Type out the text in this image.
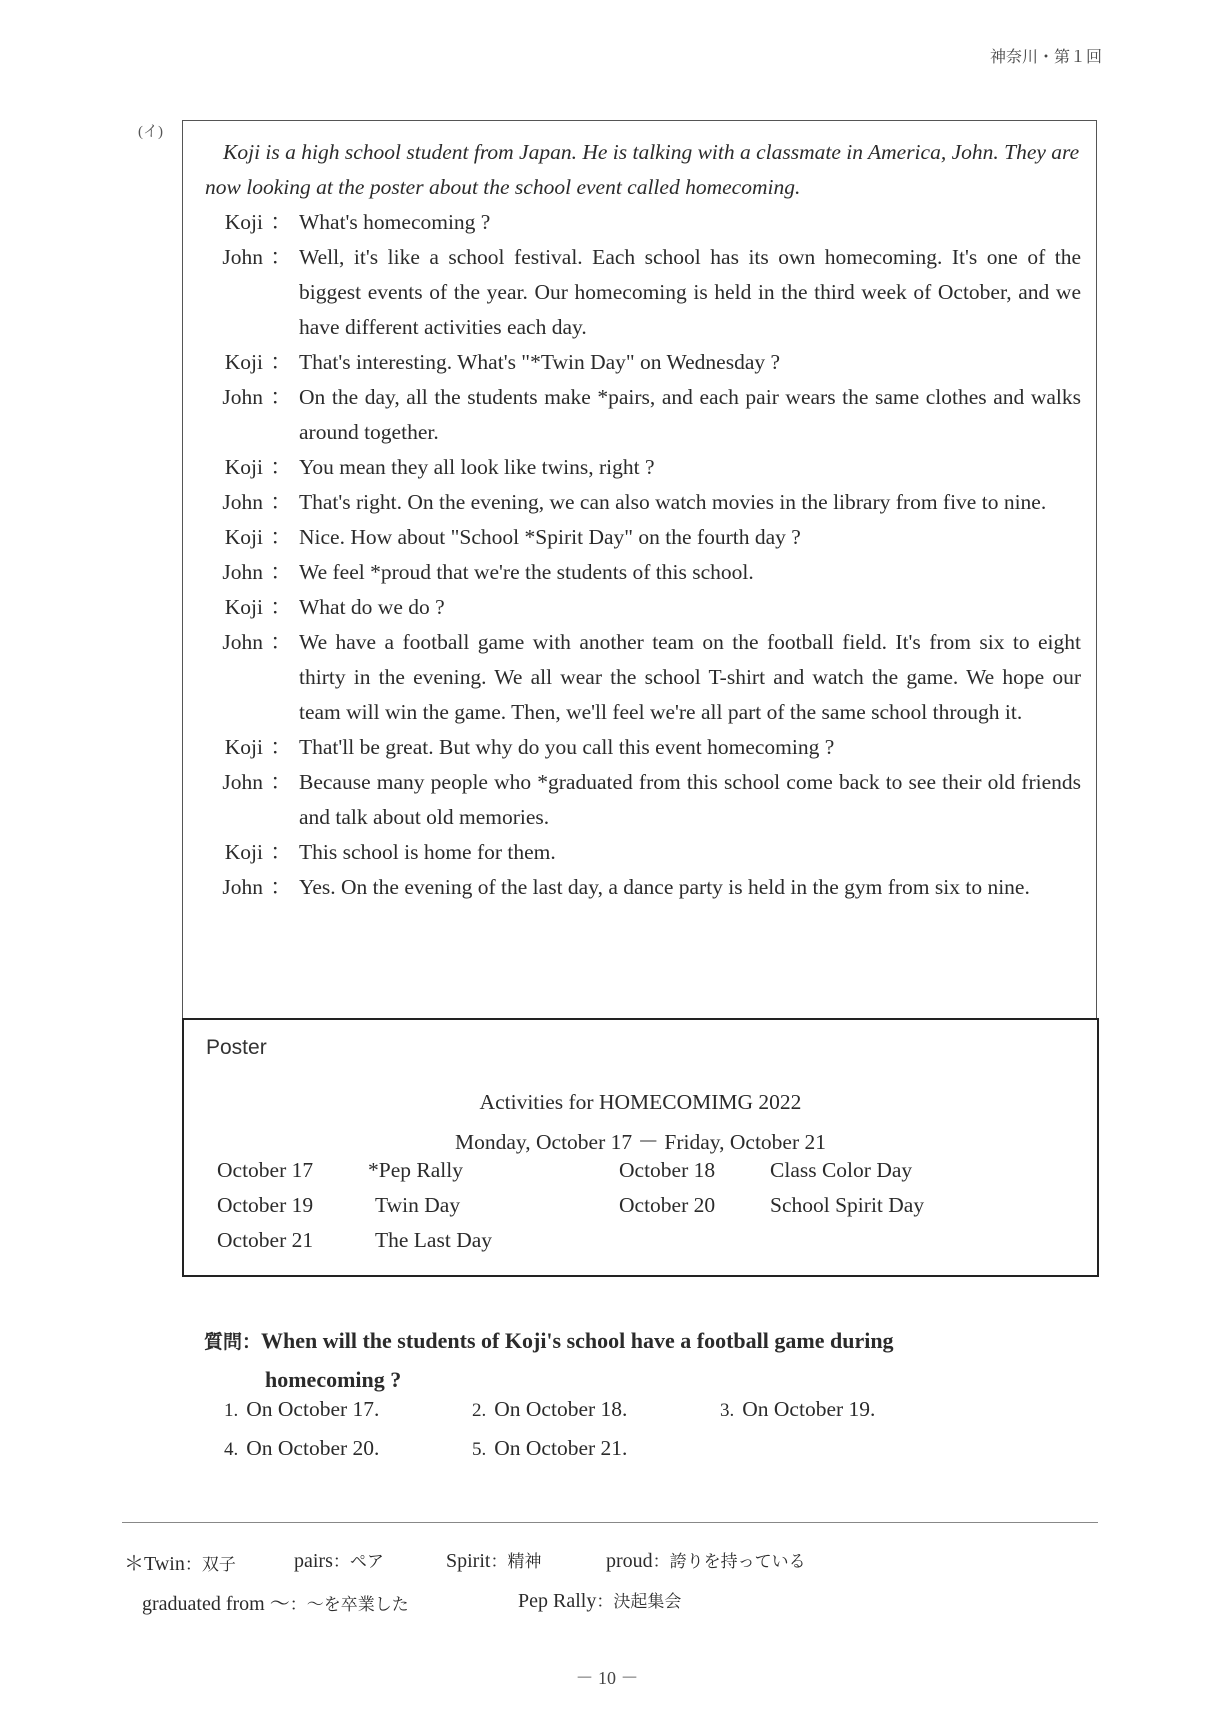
神奈川・第１回
(イ)

Koji is a high school student from Japan. He is talking with a classmate in America, John. They are now looking at the poster about the school event called homecoming.

Koji ： What's homecoming ?
John ： Well, it's like a school festival. Each school has its own homecoming. It's one of the biggest events of the year. Our homecoming is held in the third week of October, and we have different activities each day.
Koji ： That's interesting. What's "*Twin Day" on Wednesday ?
John ： On the day, all the students make *pairs, and each pair wears the same clothes and walks around together.
Koji ： You mean they all look like twins, right ?
John ： That's right. On the evening, we can also watch movies in the library from five to nine.
Koji ： Nice. How about "School *Spirit Day" on the fourth day ?
John ： We feel *proud that we're the students of this school.
Koji ： What do we do ?
John ： We have a football game with another team on the football field. It's from six to eight thirty in the evening. We all wear the school T-shirt and watch the game. We hope our team will win the game. Then, we'll feel we're all part of the same school through it.
Koji ： That'll be great. But why do you call this event homecoming ?
John ： Because many people who *graduated from this school come back to see their old friends and talk about old memories.
Koji ： This school is home for them.
John ： Yes. On the evening of the last day, a dance party is held in the gym from six to nine.
Poster
Activities for HOMECOMIMG 2022
Monday, October 17 － Friday, October 21
October 17	*Pep Rally	October 18	Class Color Day
October 19	Twin Day	October 20	School Spirit Day
October 21	The Last Day
質問：When will the students of Koji's school have a football game during
homecoming ?
1. On October 17.	2. On October 18.	3. On October 19.
4. On October 20.	5. On October 21.
＊Twin：双子	pairs：ペア	Spirit：精神	proud：誇りを持っている
graduated from ～：～を卒業した	Pep Rally：決起集会
－ 10 －
